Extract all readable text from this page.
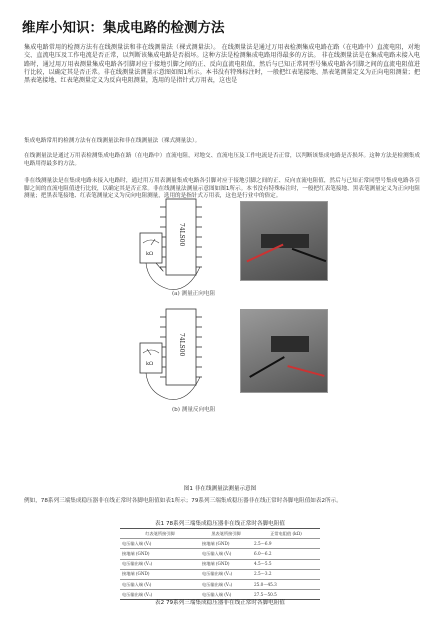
维库小知识：集成电路的检测方法
集成电路常用的检测方法有在线测量法和非在线测量法（裸式测量法）。 在线测量法是通过万用表检测集成电路在路（在电路中）直流电阻，对地交、直流电压及工作电流是否正常，以判断该集成电路是否损坏。这种方法是检测集成电路用得最多的方法。 非在线测量法是在集成电路未接入电路时，通过用万用表测量集成电路各引脚对应于接地引脚之间的正、反向直流电阻值，然后与已知正常同型号集成电路各引脚之间的直流电阻值进行比较，以确定其是否正常。非在线测量法测量示意图如图1所示。本书没有特殊标注时，一般把红表笔接地、黑表笔测量定义为正向电阻测量；把黑表笔接地、红表笔测量定义为反向电阻测量，选用的是指针式万用表，这也是
集成电路常用的检测方法有在线测量法和非在线测量法（裸式测量法）。
在线测量法是通过万用表检测集成电路在路（在电路中）直流电阻，对地交、直流电压及工作电流是否正常，以判断该集成电路是否损坏。这种方法是检测集成电路用得最多的方法。
非在线测量法是在集成电路未接入电路时，通过用万用表测量集成电路各引脚对应于接地引脚之间的正、反向直流电阻值，然后与已知正常同型号集成电路各引脚之间的直流电阻值进行比较，以确定其是否正常。非在线测量法测量示意图如图1所示。本书没有特殊标注时，一般把红表笔接地、黑表笔测量定义为正向电阻测量；把黑表笔接地、红表笔测量定义为反向电阻测量，选用的是指针式万用表，这也是行业中的俗定。
74LS00
kΩ
(a) 测量正向电阻
74LS00
kΩ
(b) 测量反向电阻
图1 非在线测量法测量示意图
例如，78系列三端集成稳压器非在线正常时各脚电阻值如表1所示；79系列三端集成稳压器非在线正常时各脚电阻值如表2所示。
表1 78系列三端集成稳压器非在线正常时各脚电阻值
红表笔所接引脚	黑表笔所接引脚	正常电阻值 (kΩ)
电压输入端 (Vᵢ)	接地端 (GND)	2.5～6.9
接地端 (GND)	电压输入端 (Vᵢ)	6.0～6.2
电压输出端 (Vₒ)	接地端 (GND)	4.5～5.5
接地端 (GND)	电压输出端 (Vₒ)	2.5～3.2
电压输入端 (Vᵢ)	电压输出端 (Vₒ)	25.0～45.3
电压输出端 (Vₒ)	电压输入端 (Vᵢ)	27.5～50.5
表2 79系列三端集成稳压器非在线正常时各脚电阻值
